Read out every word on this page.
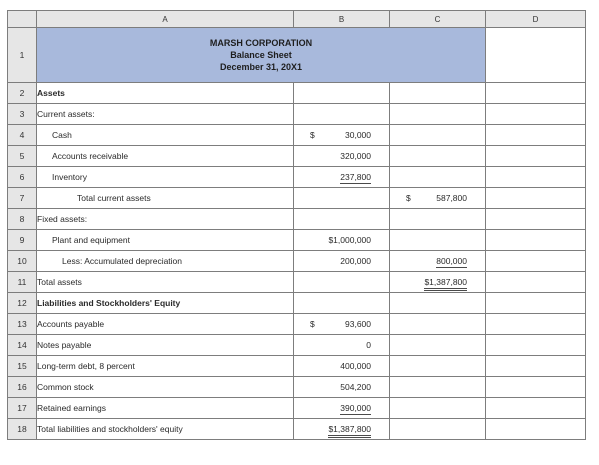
	A	B	C	D
1	MARSH CORPORATION
Balance Sheet
December 31, 20X1			

2	Assets			
3	Current assets:			
4	Cash	$ 30,000		

5	Accounts receivable	320,000		

6	Inventory	237,800		

7	Total current assets		$ 587,800	

8	Fixed assets:			
9	Plant and equipment	$1,000,000		

10	Less: Accumulated depreciation	200,000	800,000	

11	Total assets		$1,387,800	

12	Liabilities and Stockholders' Equity			
13	Accounts payable	$ 93,600		

14	Notes payable	0		

15	Long-term debt, 8 percent	400,000		

16	Common stock	504,200		

17	Retained earnings	390,000		

18	Total liabilities and stockholders' equity	$1,387,800		
